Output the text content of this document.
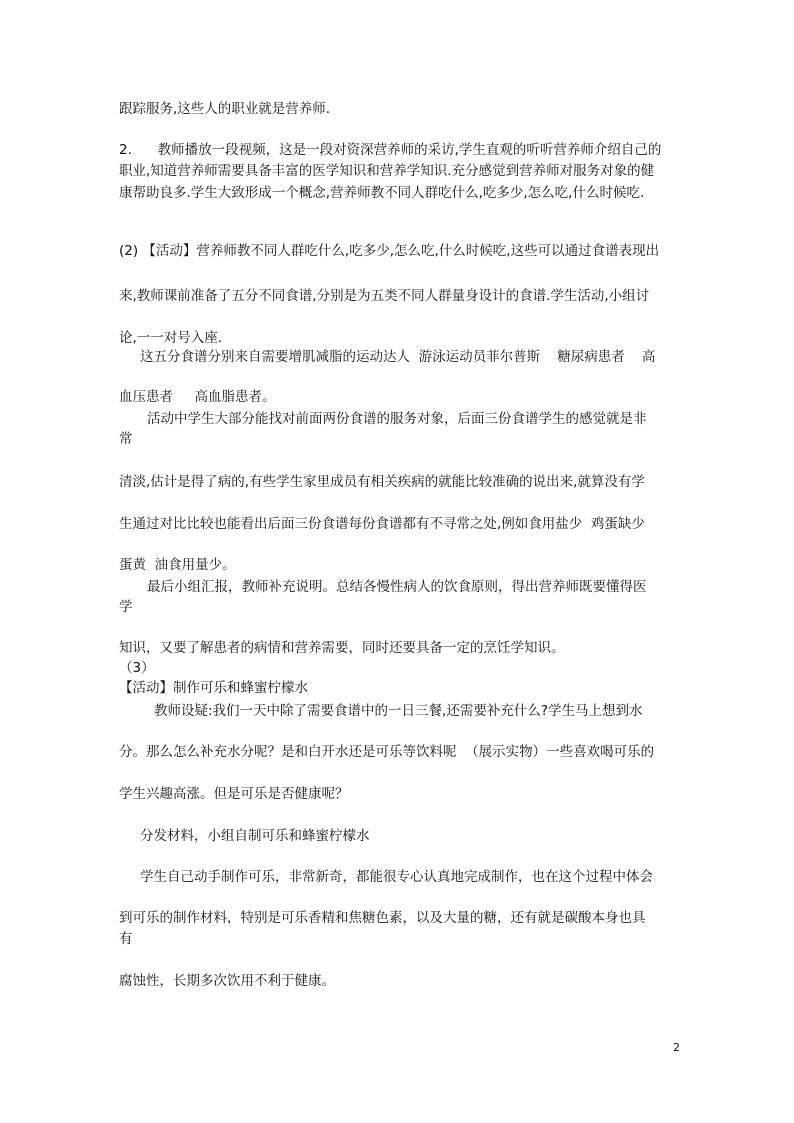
跟踪服务,这些人的职业就是营养师.

2.      教师播放一段视频，这是一段对资深营养师的采访,学生直观的听听营养师介绍自己的

职业,知道营养师需要具备丰富的医学知识和营养学知识.充分感觉到营养师对服务对象的健

康帮助良多.学生大致形成一个概念,营养师教不同人群吃什么,吃多少,怎么吃,什么时候吃.

(2) 【活动】营养师教不同人群吃什么,吃多少,怎么吃,什么时候吃,这些可以通过食谱表现出

来,教师课前准备了五分不同食谱,分别是为五类不同人群量身设计的食谱.学生活动,小组讨

论,一一对号入座.

这五分食谱分别来自需要增肌减脂的运动达人  游泳运动员菲尔普斯    糖尿病患者    高

血压患者     高血脂患者。

活动中学生大部分能找对前面两份食谱的服务对象，后面三份食谱学生的感觉就是非

常

清淡,估计是得了病的,有些学生家里成员有相关疾病的就能比较准确的说出来,就算没有学

生通过对比比较也能看出后面三份食谱每份食谱都有不寻常之处,例如食用盐少  鸡蛋缺少

蛋黄  油食用量少。

最后小组汇报，教师补充说明。总结各慢性病人的饮食原则，得出营养师既要懂得医

学

知识，又要了解患者的病情和营养需要，同时还要具备一定的烹饪学知识。

（3）

【活动】制作可乐和蜂蜜柠檬水

教师设疑:我们一天中除了需要食谱中的一日三餐,还需要补充什么?学生马上想到水

分。那么怎么补充水分呢？是和白开水还是可乐等饮料呢  （展示实物）一些喜欢喝可乐的

学生兴趣高涨。但是可乐是否健康呢？

分发材料，小组自制可乐和蜂蜜柠檬水

学生自己动手制作可乐，非常新奇，都能很专心认真地完成制作，也在这个过程中体会

到可乐的制作材料，特别是可乐香精和焦糖色素，以及大量的糖，还有就是碳酸本身也具

有

腐蚀性，长期多次饮用不利于健康。

2
